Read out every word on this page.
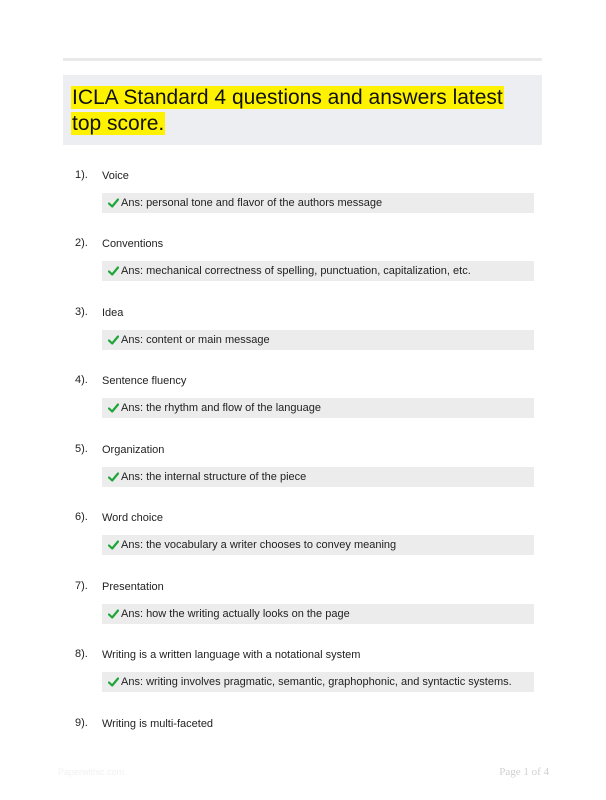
ICLA Standard 4 questions and answers latest top score.
1). Voice
Ans: personal tone and flavor of the authors message
2). Conventions
Ans: mechanical correctness of spelling, punctuation, capitalization, etc.
3). Idea
Ans: content or main message
4). Sentence fluency
Ans: the rhythm and flow of the language
5). Organization
Ans: the internal structure of the piece
6). Word choice
Ans: the vocabulary a writer chooses to convey meaning
7). Presentation
Ans: how the writing actually looks on the page
8). Writing is a written language with a notational system
Ans: writing involves pragmatic, semantic, graphophonic, and syntactic systems.
9). Writing is multi-faceted
Paperwithic.com	Page 1 of 4
